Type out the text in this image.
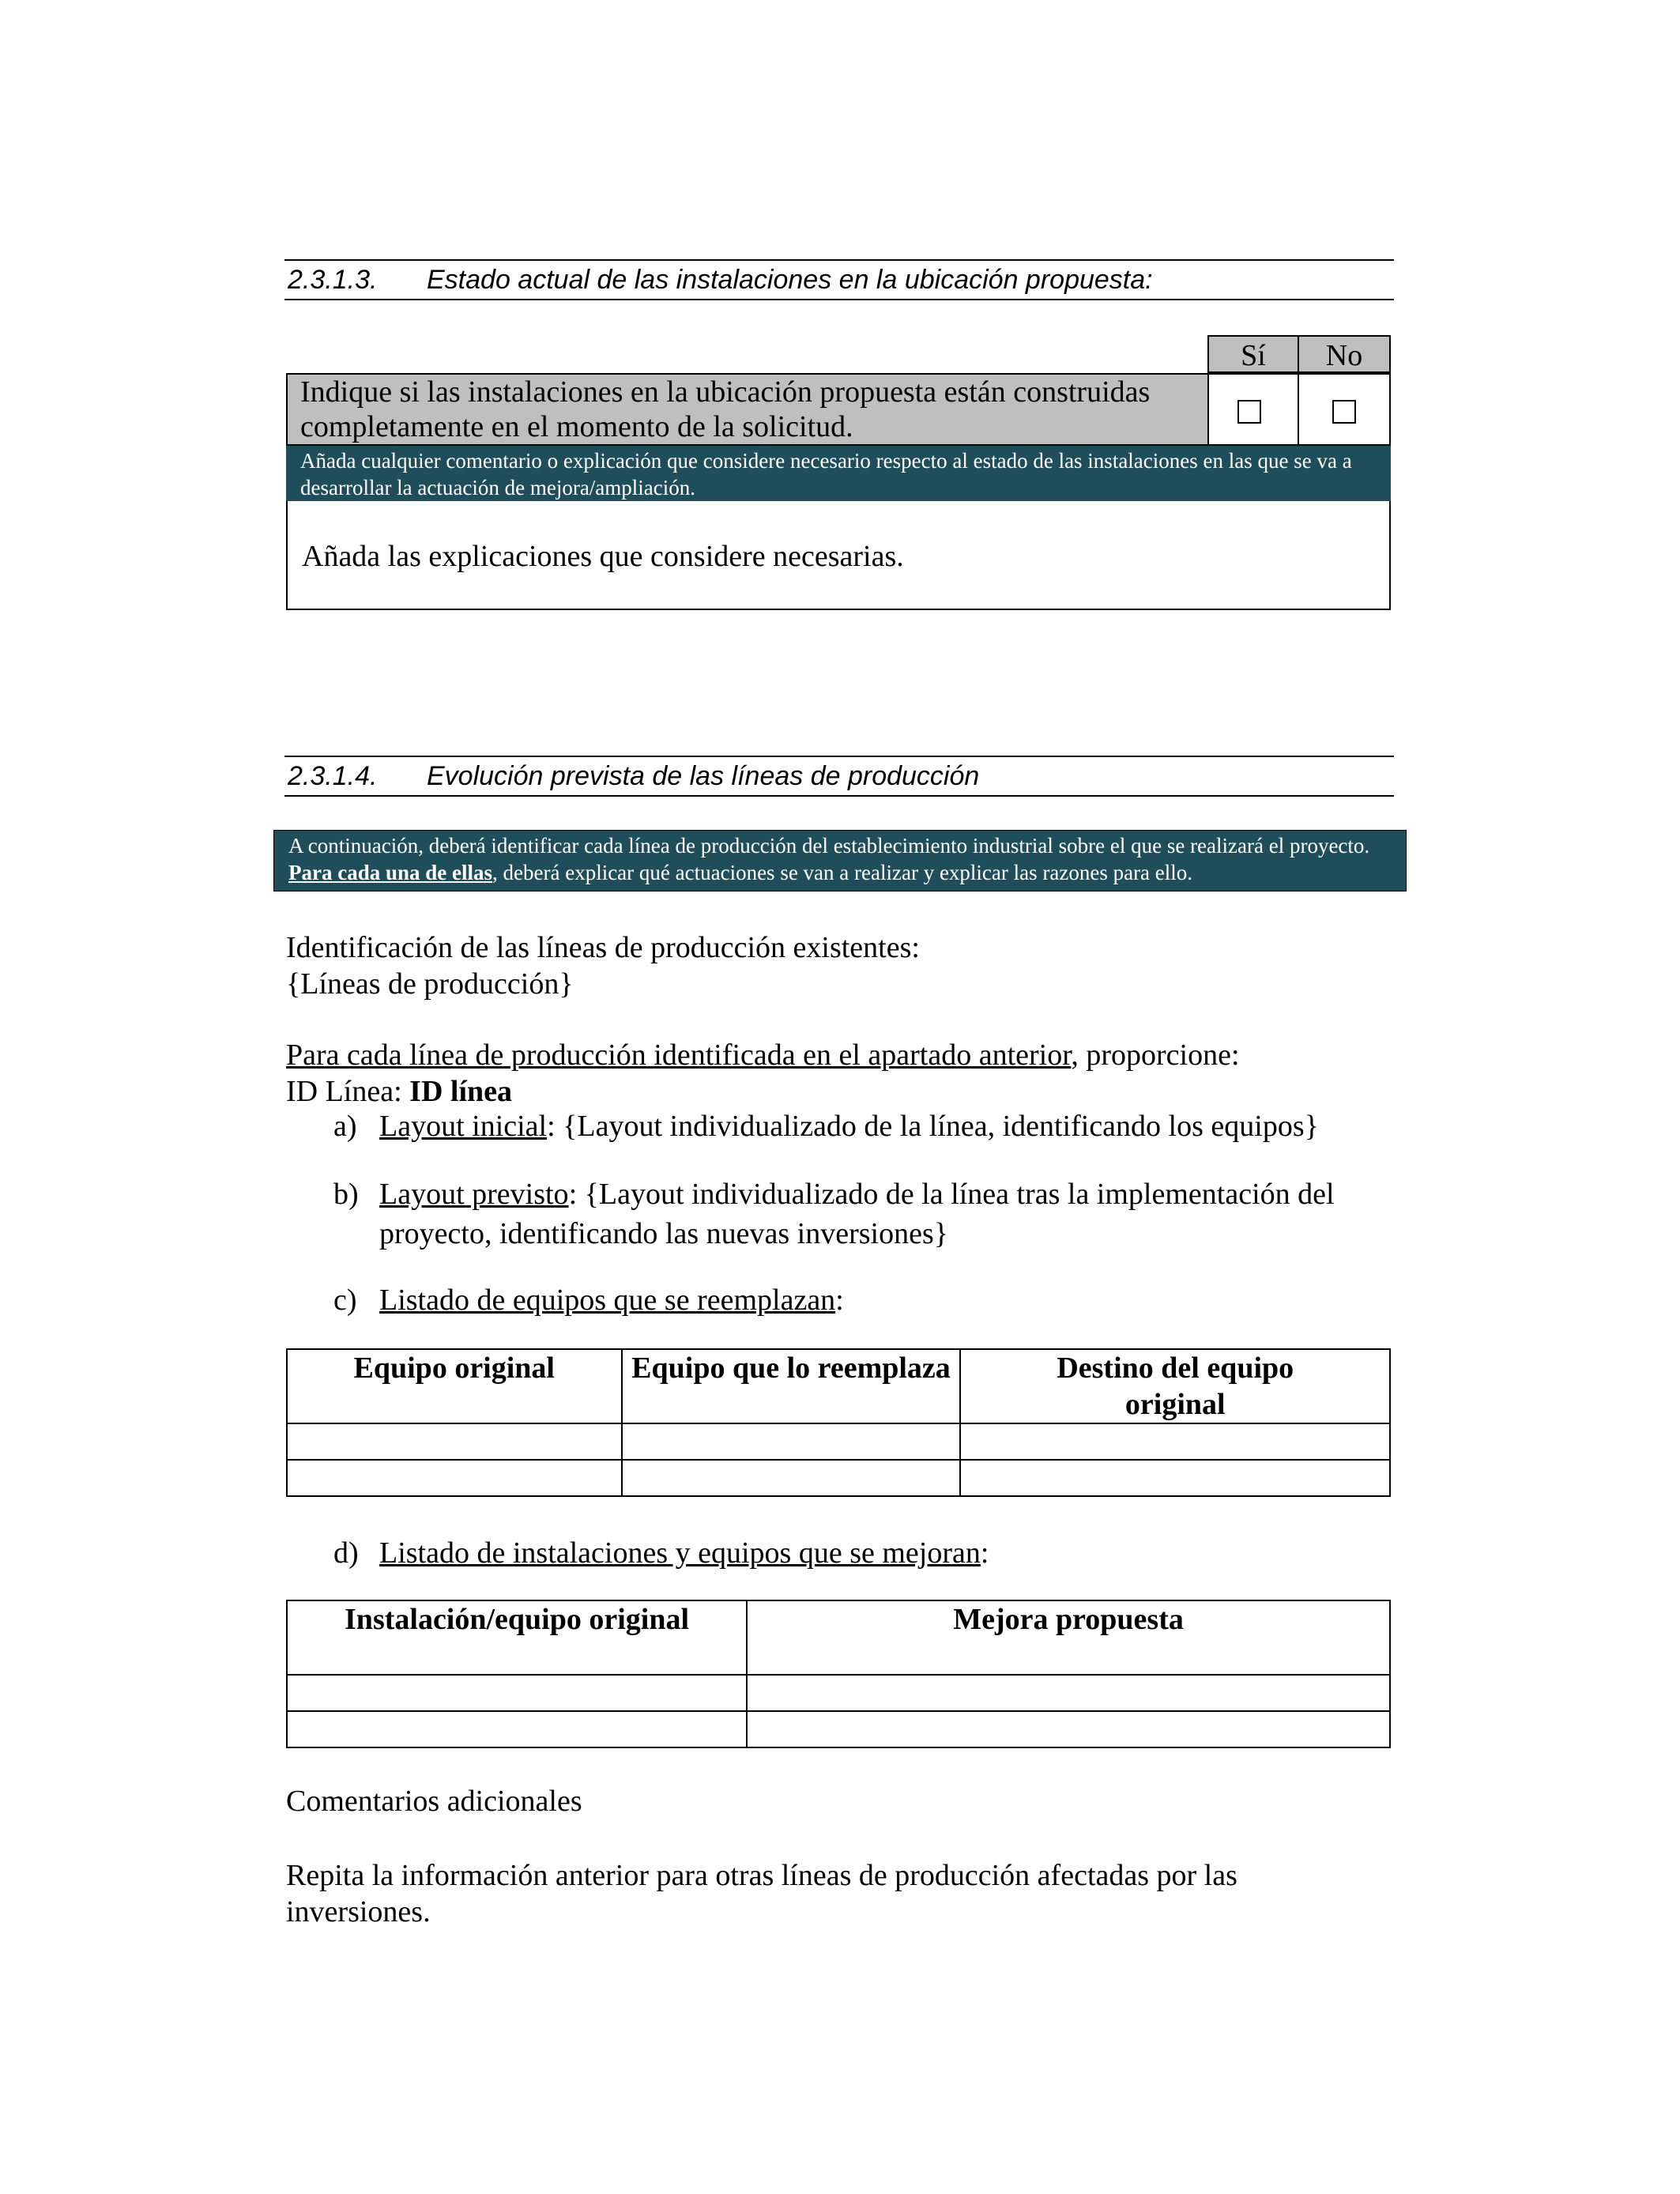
2.3.1.3. Estado actual de las instalaciones en la ubicación propuesta:
Sí	No
Indique si las instalaciones en la ubicación propuesta están construidas completamente en el momento de la solicitud.
Añada cualquier comentario o explicación que considere necesario respecto al estado de las instalaciones en las que se va a desarrollar la actuación de mejora/ampliación.
Añada las explicaciones que considere necesarias.
2.3.1.4. Evolución prevista de las líneas de producción
A continuación, deberá identificar cada línea de producción del establecimiento industrial sobre el que se realizará el proyecto. Para cada una de ellas, deberá explicar qué actuaciones se van a realizar y explicar las razones para ello.
Identificación de las líneas de producción existentes:
{Líneas de producción}
Para cada línea de producción identificada en el apartado anterior, proporcione:
ID Línea: ID línea
a) Layout inicial: {Layout individualizado de la línea, identificando los equipos}
b) Layout previsto: {Layout individualizado de la línea tras la implementación del
proyecto, identificando las nuevas inversiones}
c) Listado de equipos que se reemplazan:
Equipo original	Equipo que lo reemplaza	Destino del equipo original

d) Listado de instalaciones y equipos que se mejoran:
Instalación/equipo original	Mejora propuesta

Comentarios adicionales
Repita la información anterior para otras líneas de producción afectadas por las inversiones.
